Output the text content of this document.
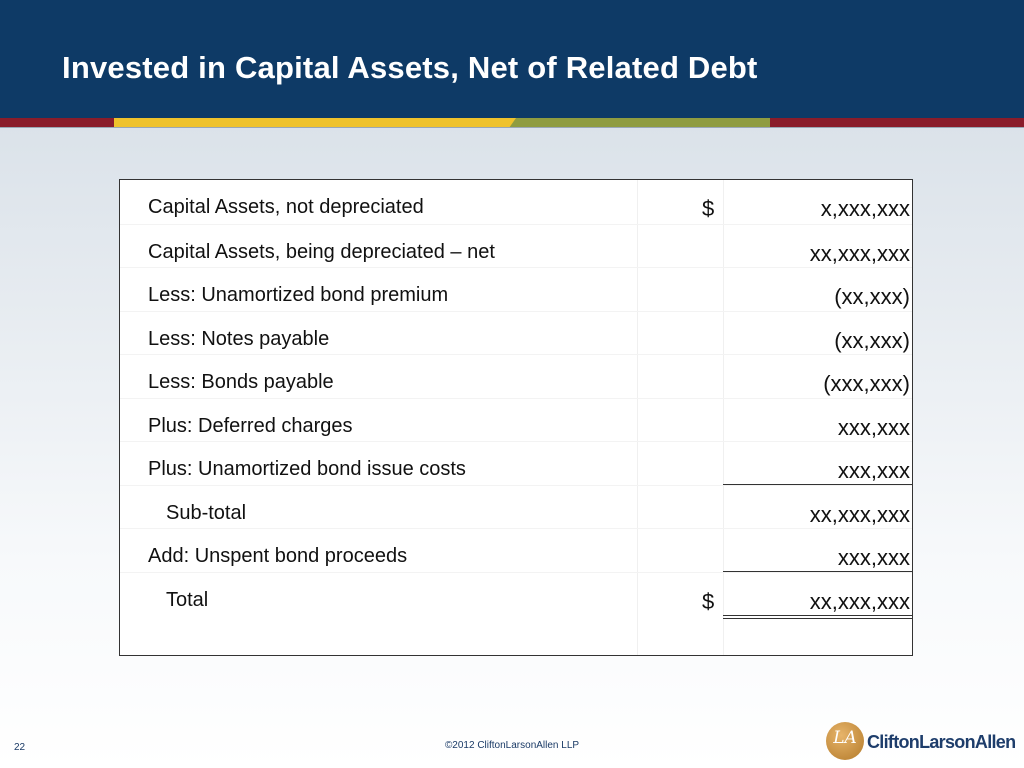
Invested in Capital Assets, Net of Related Debt
Capital Assets, not depreciated	$	x,xxx,xxx
Capital Assets, being depreciated – net	xx,xxx,xxx
Less: Unamortized bond premium	(xx,xxx)
Less: Notes payable	(xx,xxx)
Less: Bonds payable	(xxx,xxx)
Plus: Deferred charges	xxx,xxx
Plus: Unamortized bond issue costs	xxx,xxx
Sub-total	xx,xxx,xxx
Add: Unspent bond proceeds	xxx,xxx
Total	$	xx,xxx,xxx
22	©2012 CliftonLarsonAllen LLP	LA CliftonLarsonAllen
